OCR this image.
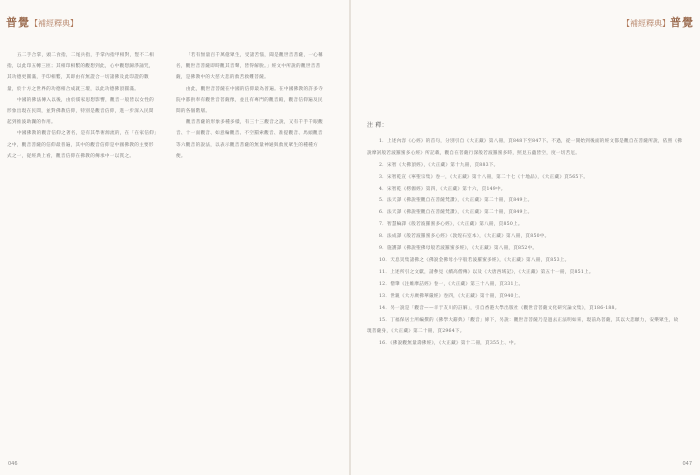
普覺【補經釋典】

五二手合掌，頭二食指，二尾兵指，手掌內指甲相對，豎不二相指，以此印五轉三匝；其相印相繫的觀想到此，心中觀想歸淨誦咒，其功德更圓滿，手印相繫，其即由有無證合一切諸佛及此印證的數量，於十方之世界的功德相合成就三壇，以此功德佛頂圓滿。

中國的佛法傳入以後，由於儒家思想影響，觀音一般皆以女性的形象出現在民間，並對佛教信仰，特別是觀音信仰，進一步深入民間起到推波助瀾的作用。

中國佛教的觀音信仰之著名，是有其學術源流的，在「在家信仰」之中，觀音菩薩的信仰最普遍，其中的觀音信仰是中國佛教的主要形式之一，從經典上看，觀音信仰在佛教的傳承中一以貫之。

「若有無量百千萬億眾生，受諸苦惱，聞是觀世音菩薩，一心稱名，觀世音菩薩即時觀其音聲，皆得解脫。」經文中所說的觀世音菩薩，是佛教中的大慈大悲的救苦救難菩薩。

由此，觀世音菩薩在中國的信仰最為普遍。在中國佛教的許多寺院中都供奉有觀世音菩薩像，並且有專門的觀音殿，觀音信仰遍及民間的各個階層。

觀音菩薩的形象多種多樣，有三十三觀音之說，又有千手千眼觀音、十一面觀音、如意輪觀音、不空羂索觀音、准提觀音、馬頭觀音等六觀音的說法，以表示觀音菩薩的無量神通與救度眾生的種種方便。

046
【補經釋典】普覺
注 釋：

1．上述內容《心經》的首句，分別引自《大正藏》第八冊，頁848下至847下。不過，從一開始到後面的經文都是觀自在菩薩所說，依照《佛說摩訶般若波羅蜜多心經》所記載，觀自在菩薩行深般若波羅蜜多時，照見五蘊皆空，度一切苦厄。

2．宋智《大佛頂經》，《大正藏》第十九冊，頁883下。

3．宋智乾宣《寧聖宗集》卷一，《大正藏》第十八冊，第二十七《十地品》，《大正藏》頁565下。

4．宋智乾《楞伽經》第四，《大正藏》第十六，頁149中。

5．法天譯《佛說聖觀自在菩薩梵讚》，《大正藏》第二十冊，頁849上。

6．法天譯《佛說聖觀自在菩薩梵讚》，《大正藏》第二十冊，頁849上。

7．智慧輪譯《般若波羅蜜多心經》，《大正藏》第八冊，頁850上。

8．法成譯《般若波羅蜜多心經》（敦煌石室本），《大正藏》第八冊，頁850中。

9．施護譯《佛說聖佛母般若波羅蜜多經》，《大正藏》第八冊，頁852中。

10．天息災集諸佛之《佛說金佛母小字般若波羅蜜多經》，《大正藏》第八冊，頁853上。

11．上述所引之文獻，請參見《續高僧傳》以及《大唐西域記》，《大正藏》第五十一冊，頁851上。

12．僧肇《注維摩詰經》卷一，《大正藏》第三十八冊，頁331上。

13．世親《大方廣佛華嚴經》卷四，《大正藏》第十冊，頁940上。

14．另一說是「觀音——羊于友川的註解」，引自香港大學出版社《觀世音菩薩文化研究論文集》，頁186-188。

15．丁福保居士所編撰的《佛學大辭典》「觀音」條下，另說：觀世音菩薩乃是過去正法明如來，現前為菩薩，其以大悲願力，安樂眾生，故現菩薩身，《大正藏》第二十冊，頁2964下。

16．《佛說觀無量壽佛經》，《大正藏》第十二冊，頁355上、中。

047
